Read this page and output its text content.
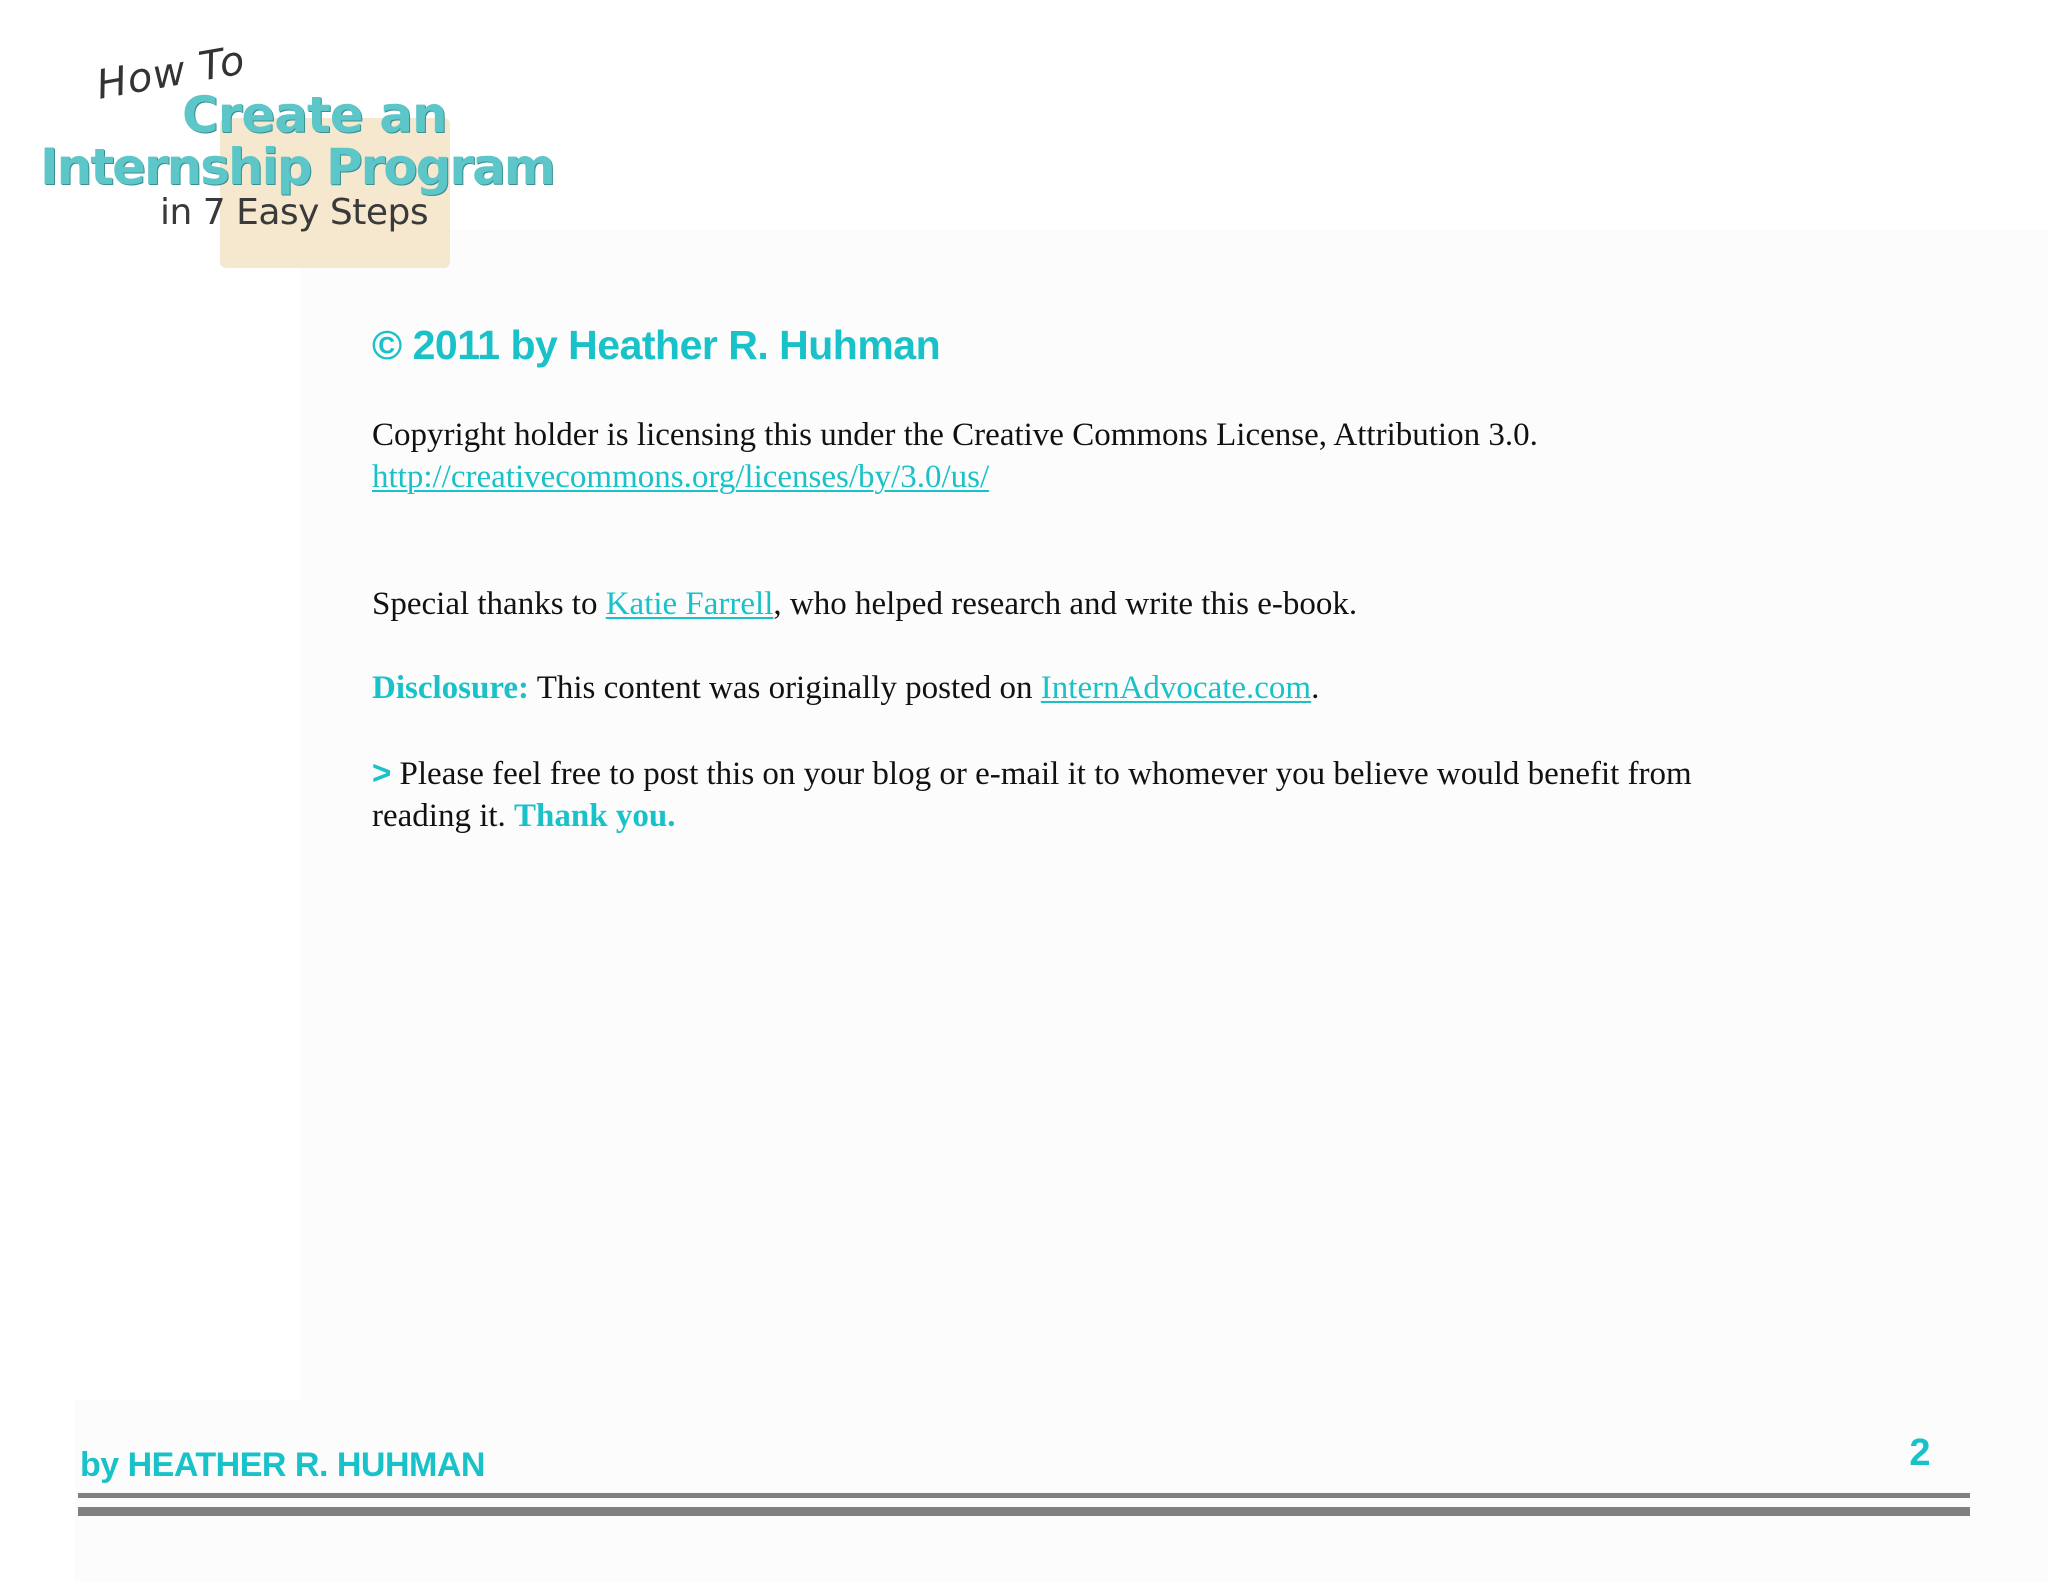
How To
Create an
Internship Program
in 7 Easy Steps
© 2011 by Heather R. Huhman
Copyright holder is licensing this under the Creative Commons License, Attribution 3.0.
http://creativecommons.org/licenses/by/3.0/us/
Special thanks to Katie Farrell, who helped research and write this e-book.
Disclosure: This content was originally posted on InternAdvocate.com.
> Please feel free to post this on your blog or e-mail it to whomever you believe would benefit from reading it. Thank you.
by HEATHER R. HUHMAN	2
